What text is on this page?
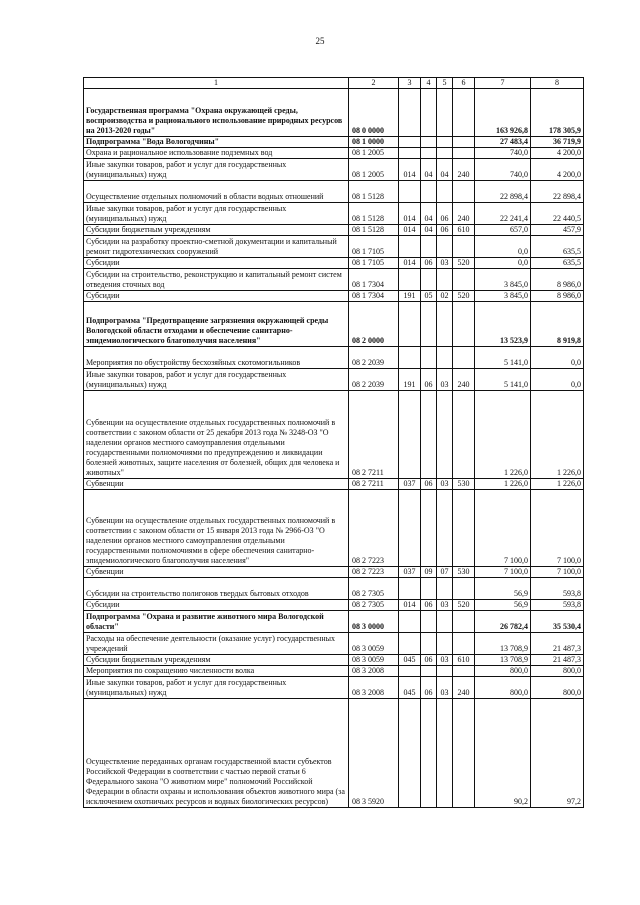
25
1	2	3	4	5	6	7	8
Государственная программа "Охрана окружающей среды, воспроизводства и рационального использование природных ресурсов на 2013-2020 годы"	08 0 0000					163 926,8	178 305,9
Подпрограмма "Вода Вологодчины"	08 1 0000					27 483,4	36 719,9
Охрана и рациональное использование подземных вод	08 1 2005					740,0	4 200,0
Иные закупки товаров, работ и услуг для государственных (муниципальных) нужд	08 1 2005	014	04	04	240	740,0	4 200,0
Осуществление отдельных полномочий в области водных отношений	08 1 5128					22 898,4	22 898,4
Иные закупки товаров, работ и услуг для государственных (муниципальных) нужд	08 1 5128	014	04	06	240	22 241,4	22 440,5
Субсидии бюджетным учреждениям	08 1 5128	014	04	06	610	657,0	457,9
Субсидии на разработку проектно-сметной документации и капитальный ремонт гидротехнических сооружений	08 1 7105					0,0	635,5
Субсидии	08 1 7105	014	06	03	520	0,0	635,5
Субсидии на строительство, реконструкцию и капитальный ремонт систем отведения сточных вод	08 1 7304					3 845,0	8 986,0
Субсидии	08 1 7304	191	05	02	520	3 845,0	8 986,0
Подпрограмма "Предотвращение загрязнения окружающей среды Вологодской области отходами и обеспечение санитарно-эпидемиологического благополучия населения"	08 2 0000					13 523,9	8 919,8
Мероприятия по обустройству бесхозяйных скотомогильников	08 2 2039					5 141,0	0,0
Иные закупки товаров, работ и услуг для государственных (муниципальных) нужд	08 2 2039	191	06	03	240	5 141,0	0,0
Субвенции на осуществление отдельных государственных полномочий в соответствии с законом области от 25 декабря 2013 года № 3248-ОЗ "О наделении органов местного самоуправления отдельными государственными полномочиями по предупреждению и ликвидации болезней животных, защите населения от болезней, общих для человека и животных"	08 2 7211					1 226,0	1 226,0
Субвенции	08 2 7211	037	06	03	530	1 226,0	1 226,0
Субвенции на осуществление отдельных государственных полномочий в соответствии с законом области от 15 января 2013 года № 2966-ОЗ "О наделении органов местного самоуправления отдельными государственными полномочиями в сфере обеспечения санитарно-эпидемиологического благополучия населения"	08 2 7223					7 100,0	7 100,0
Субвенции	08 2 7223	037	09	07	530	7 100,0	7 100,0
Субсидии на строительство полигонов твердых бытовых отходов	08 2 7305					56,9	593,8
Субсидии	08 2 7305	014	06	03	520	56,9	593,8
Подпрограмма "Охрана и развитие животного мира Вологодской области"	08 3 0000					26 782,4	35 530,4
Расходы на обеспечение деятельности (оказание услуг) государственных учреждений	08 3 0059					13 708,9	21 487,3
Субсидии бюджетным учреждениям	08 3 0059	045	06	03	610	13 708,9	21 487,3
Мероприятия по сокращению численности волка	08 3 2008					800,0	800,0
Иные закупки товаров, работ и услуг для государственных (муниципальных) нужд	08 3 2008	045	06	03	240	800,0	800,0
Осуществление переданных органам государственной власти субъектов Российской Федерации в соответствии с частью первой статьи 6 Федерального закона "О животном мире" полномочий Российской Федерации в области охраны и использования объектов животного мира (за исключением охотничьих ресурсов и водных биологических ресурсов)	08 3 5920					90,2	97,2
